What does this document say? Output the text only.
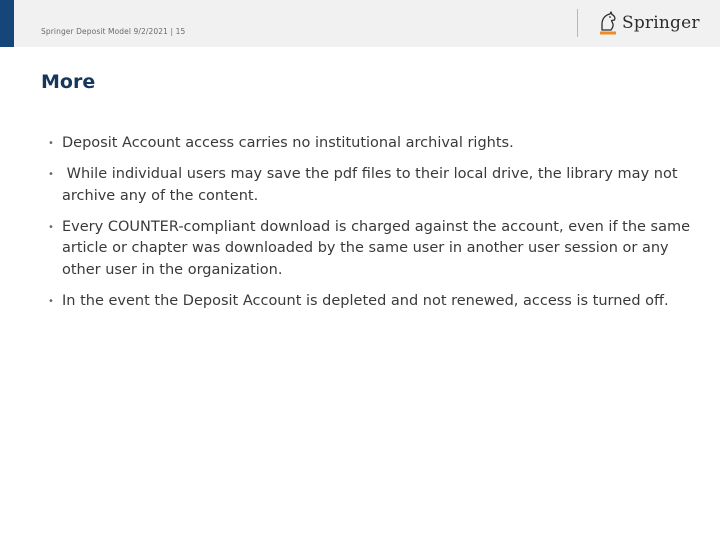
Springer Deposit Model 9/2/2021 | 15	Springer
More
• Deposit Account access carries no institutional archival rights.
• While individual users may save the pdf files to their local drive, the library may not archive any of the content.
• Every COUNTER-compliant download is charged against the account, even if the same article or chapter was downloaded by the same user in another user session or any other user in the organization.
• In the event the Deposit Account is depleted and not renewed, access is turned off.
